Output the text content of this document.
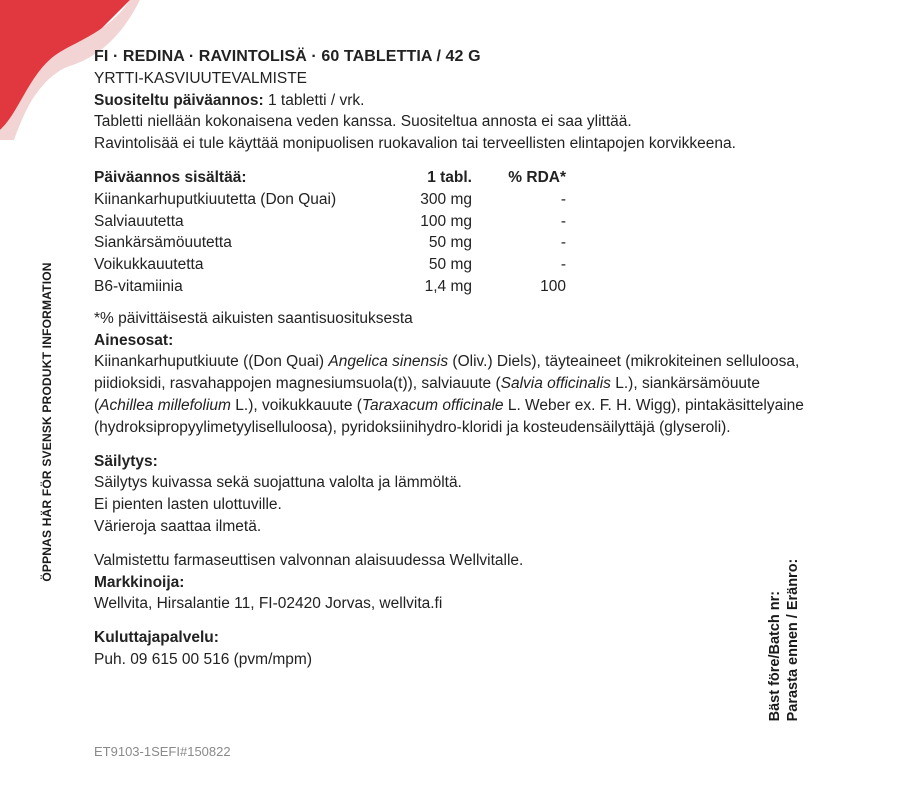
ÖPPNAS HÄR FÖR SVENSK PRODUKT INFORMATION

FI · REDINA · RAVINTOLISÄ · 60 TABLETTIA / 42 G

YRTTI-KASVIUUTEVALMISTE

Suositeltu päiväannos: 1 tabletti / vrk.

Tabletti niellään kokonaisena veden kanssa. Suositeltua annosta ei saa ylittää.

Ravintolisää ei tule käyttää monipuolisen ruokavalion tai terveellisten elintapojen korvikkeena.

Päiväannos sisältää:	1 tabl.	% RDA*
Kiinankarhuputkiuutetta (Don Quai)	300 mg	-
Salviauutetta	100 mg	-
Siankärsämöuutetta	50 mg	-
Voikukkauutetta	50 mg	-
B6-vitamiinia	1,4 mg	100

*% päivittäisestä aikuisten saantisuosituksesta

Ainesosat:

Kiinankarhuputkiuute ((Don Quai) Angelica sinensis (Oliv.) Diels), täyteaineet (mikrokiteinen selluloosa, piidioksidi, rasvahappojen magnesiumsuola(t)), salviauute (Salvia officinalis L.), siankärsämöuute (Achillea millefolium L.), voikukkauute (Taraxacum officinale L. Weber ex. F. H. Wigg), pintakäsittelyaine (hydroksipropyylimetyyliselluloosa), pyridoksiinihydro-kloridi ja kosteudensäilyttäjä (glyseroli).

Säilytys:

Säilytys kuivassa sekä suojattuna valolta ja lämmöltä.

Ei pienten lasten ulottuville.

Värieroja saattaa ilmetä.

Valmistettu farmaseuttisen valvonnan alaisuudessa Wellvitalle.

Markkinoija:

Wellvita, Hirsalantie 11, FI-02420 Jorvas, wellvita.fi

Kuluttajapalvelu:

Puh. 09 615 00 516 (pvm/mpm)

ET9103-1SEFI#150822
Bäst före/Batch nr: Parasta ennen / Eränro:
